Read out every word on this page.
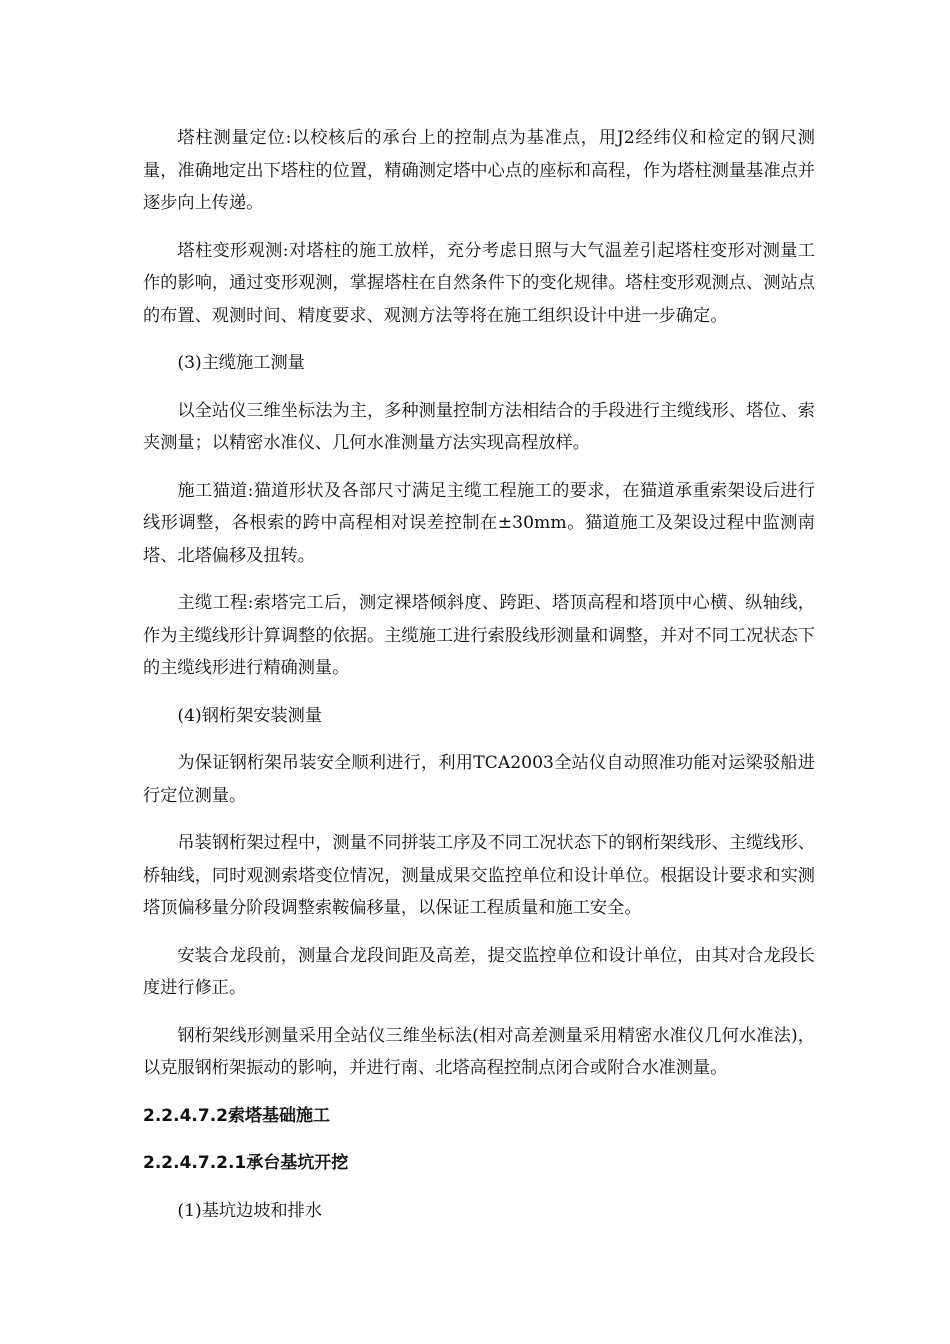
塔柱测量定位:以校核后的承台上的控制点为基准点，用J2经纬仪和检定的钢尺测量，准确地定出下塔柱的位置，精确测定塔中心点的座标和高程，作为塔柱测量基准点并逐步向上传递。

塔柱变形观测:对塔柱的施工放样，充分考虑日照与大气温差引起塔柱变形对测量工作的影响，通过变形观测，掌握塔柱在自然条件下的变化规律。塔柱变形观测点、测站点的布置、观测时间、精度要求、观测方法等将在施工组织设计中进一步确定。

(3)主缆施工测量

以全站仪三维坐标法为主，多种测量控制方法相结合的手段进行主缆线形、塔位、索夹测量；以精密水准仪、几何水准测量方法实现高程放样。

施工猫道:猫道形状及各部尺寸满足主缆工程施工的要求，在猫道承重索架设后进行线形调整，各根索的跨中高程相对误差控制在±30mm。猫道施工及架设过程中监测南塔、北塔偏移及扭转。

主缆工程:索塔完工后，测定裸塔倾斜度、跨距、塔顶高程和塔顶中心横、纵轴线，作为主缆线形计算调整的依据。主缆施工进行索股线形测量和调整，并对不同工况状态下的主缆线形进行精确测量。

(4)钢桁架安装测量

为保证钢桁架吊装安全顺利进行，利用TCA2003全站仪自动照准功能对运梁驳船进行定位测量。

吊装钢桁架过程中，测量不同拼装工序及不同工况状态下的钢桁架线形、主缆线形、桥轴线，同时观测索塔变位情况，测量成果交监控单位和设计单位。根据设计要求和实测塔顶偏移量分阶段调整索鞍偏移量，以保证工程质量和施工安全。

安装合龙段前，测量合龙段间距及高差，提交监控单位和设计单位，由其对合龙段长度进行修正。

钢桁架线形测量采用全站仪三维坐标法(相对高差测量采用精密水准仪几何水准法)，以克服钢桁架振动的影响，并进行南、北塔高程控制点闭合或附合水准测量。

2.2.4.7.2索塔基础施工

2.2.4.7.2.1承台基坑开挖

(1)基坑边坡和排水
